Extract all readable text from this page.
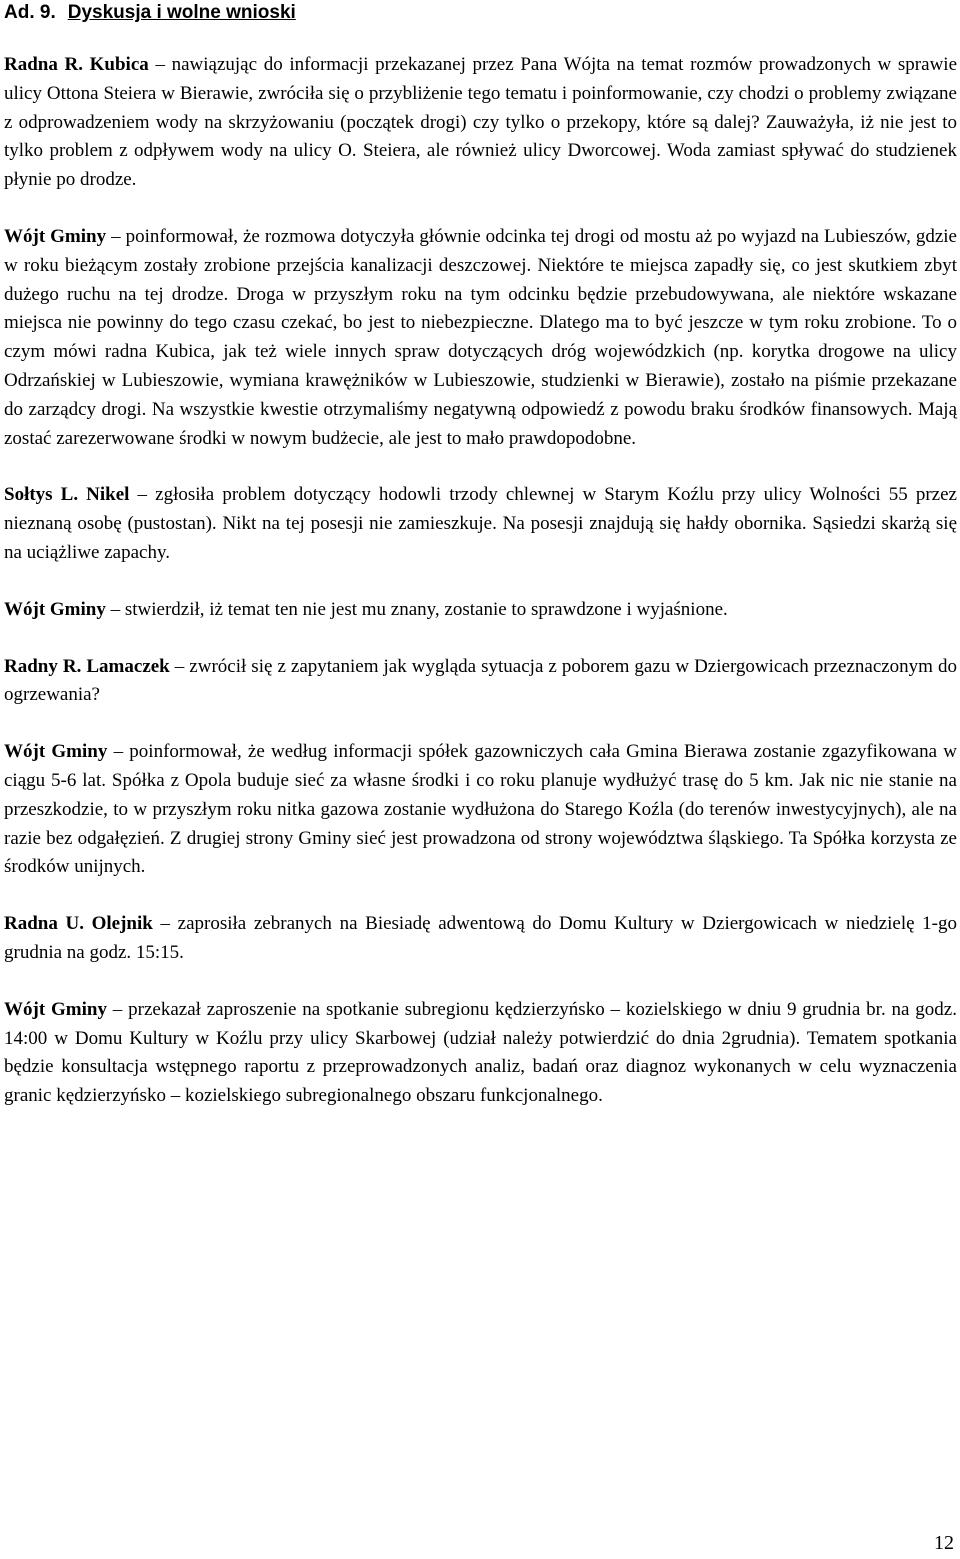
Ad. 9. Dyskusja i wolne wnioski

Radna R. Kubica – nawiązując do informacji przekazanej przez Pana Wójta na temat rozmów prowadzonych w sprawie ulicy Ottona Steiera w Bierawie, zwróciła się o przybliżenie tego tematu i poinformowanie, czy chodzi o problemy związane z odprowadzeniem wody na skrzyżowaniu (początek drogi) czy tylko o przekopy, które są dalej? Zauważyła, iż nie jest to tylko problem z odpływem wody na ulicy O. Steiera, ale również ulicy Dworcowej. Woda zamiast spływać do studzienek płynie po drodze.

Wójt Gminy – poinformował, że rozmowa dotyczyła głównie odcinka tej drogi od mostu aż po wyjazd na Lubieszów, gdzie w roku bieżącym zostały zrobione przejścia kanalizacji deszczowej. Niektóre te miejsca zapadły się, co jest skutkiem zbyt dużego ruchu na tej drodze. Droga w przyszłym roku na tym odcinku będzie przebudowywana, ale niektóre wskazane miejsca nie powinny do tego czasu czekać, bo jest to niebezpieczne. Dlatego ma to być jeszcze w tym roku zrobione. To o czym mówi radna Kubica, jak też wiele innych spraw dotyczących dróg wojewódzkich (np. korytka drogowe na ulicy Odrzańskiej w Lubieszowie, wymiana krawężników w Lubieszowie, studzienki w Bierawie), zostało na piśmie przekazane do zarządcy drogi. Na wszystkie kwestie otrzymaliśmy negatywną odpowiedź z powodu braku środków finansowych. Mają zostać zarezerwowane środki w nowym budżecie, ale jest to mało prawdopodobne.

Sołtys L. Nikel – zgłosiła problem dotyczący hodowli trzody chlewnej w Starym Koźlu przy ulicy Wolności 55 przez nieznaną osobę (pustostan). Nikt na tej posesji nie zamieszkuje. Na posesji znajdują się hałdy obornika. Sąsiedzi skarżą się na uciążliwe zapachy.

Wójt Gminy – stwierdził, iż temat ten nie jest mu znany, zostanie to sprawdzone i wyjaśnione.

Radny R. Lamaczek – zwrócił się z zapytaniem jak wygląda sytuacja z poborem gazu w Dziergowicach przeznaczonym do ogrzewania?

Wójt Gminy – poinformował, że według informacji spółek gazowniczych cała Gmina Bierawa zostanie zgazyfikowana w ciągu 5-6 lat. Spółka z Opola buduje sieć za własne środki i co roku planuje wydłużyć trasę do 5 km. Jak nic nie stanie na przeszkodzie, to w przyszłym roku nitka gazowa zostanie wydłużona do Starego Koźla (do terenów inwestycyjnych), ale na razie bez odgałęzień. Z drugiej strony Gminy sieć jest prowadzona od strony województwa śląskiego. Ta Spółka korzysta ze środków unijnych.

Radna U. Olejnik – zaprosiła zebranych na Biesiadę adwentową do Domu Kultury w Dziergowicach w niedzielę 1-go grudnia na godz. 15:15.

Wójt Gminy – przekazał zaproszenie na spotkanie subregionu kędzierzyńsko – kozielskiego w dniu 9 grudnia br. na godz. 14:00 w Domu Kultury w Koźlu przy ulicy Skarbowej (udział należy potwierdzić do dnia 2grudnia). Tematem spotkania będzie konsultacja wstępnego raportu z przeprowadzonych analiz, badań oraz diagnoz wykonanych w celu wyznaczenia granic kędzierzyńsko – kozielskiego subregionalnego obszaru funkcjonalnego.

12
